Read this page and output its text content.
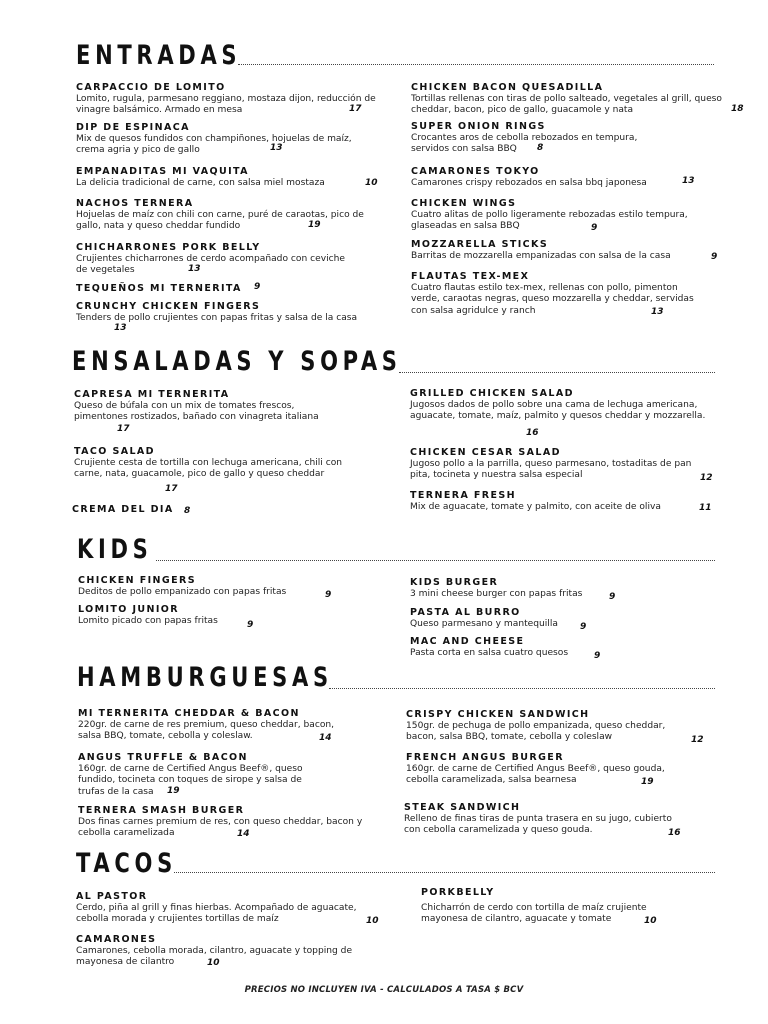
ENTRADAS
CARPACCIO DE LOMITO
Lomito, rugula, parmesano reggiano, mostaza dijon, reducción de vinagre balsámico. Armado en mesa	17
DIP DE ESPINACA
Mix de quesos fundidos con champiñones, hojuelas de maíz, crema agria y pico de gallo	13
EMPANADITAS MI VAQUITA
La delicia tradicional de carne, con salsa miel mostaza	10
NACHOS TERNERA
Hojuelas de maíz con chili con carne, puré de caraotas, pico de gallo, nata y queso cheddar fundido	19
CHICHARRONES PORK BELLY
Crujientes chicharrones de cerdo acompañado con ceviche de vegetales	13
TEQUEÑOS MI TERNERITA	9
CRUNCHY CHICKEN FINGERS
Tenders de pollo crujientes con papas fritas y salsa de la casa
13
CHICKEN BACON QUESADILLA
Tortillas rellenas con tiras de pollo salteado, vegetales al grill, queso cheddar, bacon, pico de gallo, guacamole y nata	18
SUPER ONION RINGS
Crocantes aros de cebolla rebozados en tempura, servidos con salsa BBQ	8
CAMARONES TOKYO
Camarones crispy rebozados en salsa bbq japonesa	13
CHICKEN WINGS
Cuatro alitas de pollo ligeramente rebozadas estilo tempura, glaseadas en salsa BBQ	9
MOZZARELLA STICKS
Barritas de mozzarella empanizadas con salsa de la casa	9
FLAUTAS TEX-MEX
Cuatro flautas estilo tex-mex, rellenas con pollo, pimenton verde, caraotas negras, queso mozzarella y cheddar, servidas con salsa agridulce y ranch	13
ENSALADAS Y SOPAS
CAPRESA MI TERNERITA
Queso de búfala con un mix de tomates frescos, pimentones rostizados, bañado con vinagreta italiana
17
TACO SALAD
Crujiente cesta de tortilla con lechuga americana, chili con carne, nata, guacamole, pico de gallo y queso cheddar
17
CREMA DEL DIA	8
GRILLED CHICKEN SALAD
Jugosos dados de pollo sobre una cama de lechuga americana, aguacate, tomate, maíz, palmito y quesos cheddar y mozzarella.
16
CHICKEN CESAR SALAD
Jugoso pollo a la parrilla, queso parmesano, tostaditas de pan pita, tocineta y nuestra salsa especial	12
TERNERA FRESH
Mix de aguacate, tomate y palmito, con aceite de oliva	11
KIDS
CHICKEN FINGERS
Deditos de pollo empanizado con papas fritas	9
LOMITO JUNIOR
Lomito picado con papas fritas	9
KIDS BURGER
3 mini cheese burger con papas fritas	9
PASTA AL BURRO
Queso parmesano y mantequilla	9
MAC AND CHEESE
Pasta corta en salsa cuatro quesos	9
HAMBURGUESAS
MI TERNERITA CHEDDAR & BACON
220gr. de carne de res premium, queso cheddar, bacon, salsa BBQ, tomate, cebolla y coleslaw.	14
ANGUS TRUFFLE & BACON
160gr. de carne de Certified Angus Beef®, queso fundido, tocineta con toques de sirope y salsa de trufas de la casa	19
TERNERA SMASH BURGER
Dos finas carnes premium de res, con queso cheddar, bacon y cebolla caramelizada	14
CRISPY CHICKEN SANDWICH
150gr. de pechuga de pollo empanizada, queso cheddar, bacon, salsa BBQ, tomate, cebolla y coleslaw	12
FRENCH ANGUS BURGER
160gr. de carne de Certified Angus Beef®, queso gouda, cebolla caramelizada, salsa bearnesa	19
STEAK SANDWICH
Relleno de finas tiras de punta trasera en su jugo, cubierto con cebolla caramelizada y queso gouda.	16
TACOS
AL PASTOR
Cerdo, piña al grill y finas hierbas. Acompañado de aguacate, cebolla morada y crujientes tortillas de maíz	10
CAMARONES
Camarones, cebolla morada, cilantro, aguacate y topping de mayonesa de cilantro	10
PORKBELLY
Chicharrón de cerdo con tortilla de maíz crujiente mayonesa de cilantro, aguacate y tomate	10
PRECIOS NO INCLUYEN IVA - CALCULADOS A TASA $ BCV
